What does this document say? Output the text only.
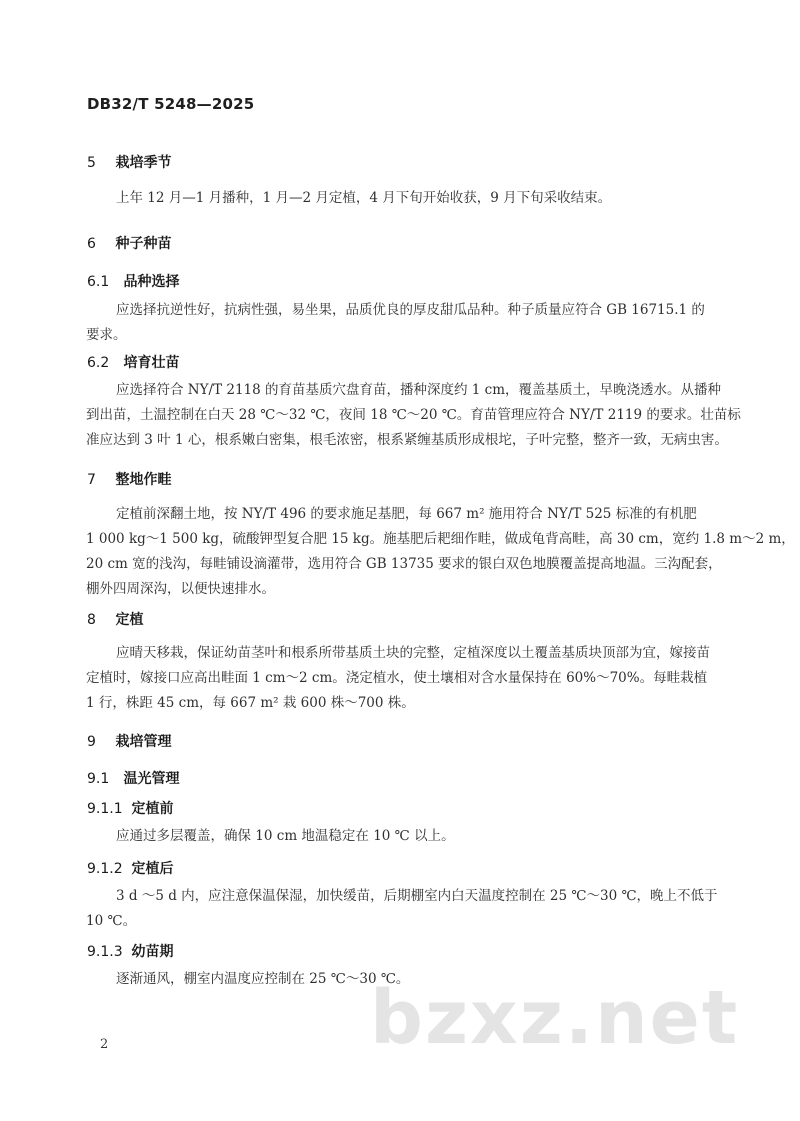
DB32/T 5248—2025
5 栽培季节
上年 12 月—1 月播种，1 月—2 月定植，4 月下旬开始收获，9 月下旬采收结束。
6 种子种苗
6.1 品种选择
应选择抗逆性好，抗病性强，易坐果，品质优良的厚皮甜瓜品种。种子质量应符合 GB 16715.1 的
要求。
6.2 培育壮苗
应选择符合 NY/T 2118 的育苗基质穴盘育苗，播种深度约 1 cm，覆盖基质土，早晚浇透水。从播种
到出苗，土温控制在白天 28 ℃～32 ℃，夜间 18 ℃～20 ℃。育苗管理应符合 NY/T 2119 的要求。壮苗标
准应达到 3 叶 1 心，根系嫩白密集，根毛浓密，根系紧缠基质形成根坨，子叶完整，整齐一致，无病虫害。
7 整地作畦
定植前深翻土地，按 NY/T 496 的要求施足基肥，每 667 m² 施用符合 NY/T 525 标准的有机肥
1 000 kg～1 500 kg，硫酸钾型复合肥 15 kg。施基肥后耙细作畦，做成龟背高畦，高 30 cm，宽约 1.8 m～2 m，
20 cm 宽的浅沟，每畦铺设滴灌带，选用符合 GB 13735 要求的银白双色地膜覆盖提高地温。三沟配套，
棚外四周深沟，以便快速排水。
8 定植
应晴天移栽，保证幼苗茎叶和根系所带基质土块的完整，定植深度以土覆盖基质块顶部为宜，嫁接苗
定植时，嫁接口应高出畦面 1 cm～2 cm。浇定植水，使土壤相对含水量保持在 60%～70%。每畦栽植
1 行，株距 45 cm，每 667 m² 栽 600 株～700 株。
9 栽培管理
9.1 温光管理
9.1.1 定植前
应通过多层覆盖，确保 10 cm 地温稳定在 10 ℃ 以上。
9.1.2 定植后
3 d ～5 d 内，应注意保温保湿，加快缓苗，后期棚室内白天温度控制在 25 ℃～30 ℃，晚上不低于
10 ℃。
9.1.3 幼苗期
逐渐通风，棚室内温度应控制在 25 ℃～30 ℃。
bzxz.net
2
